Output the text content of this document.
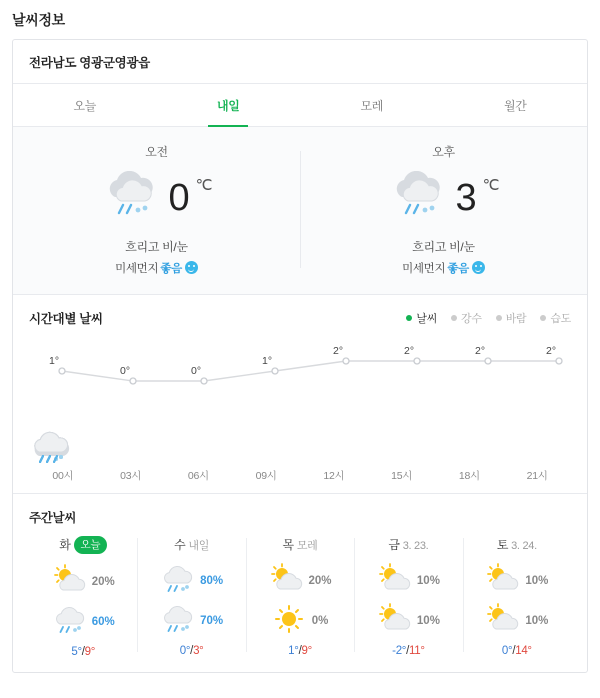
날씨정보
전라남도 영광군영광읍
오늘	내일	모레	월간
오전
0 ℃
흐리고 비/눈
미세먼지 좋음
오후
3 ℃
흐리고 비/눈
미세먼지 좋음
시간대별 날씨	날씨 강수 바람 습도
1°
0°	0°
1°
2°	2°	2°	2°
00시	03시	06시	09시	12시	15시	18시	21시
주간날씨
화 오늘
20%
60%
5°/9°
수 내일
80%
70%
0°/3°
목 모레
20%
0%
1°/9°
금 3. 23.
10%
10%
-2°/11°
토 3. 24.
10%
10%
0°/14°
